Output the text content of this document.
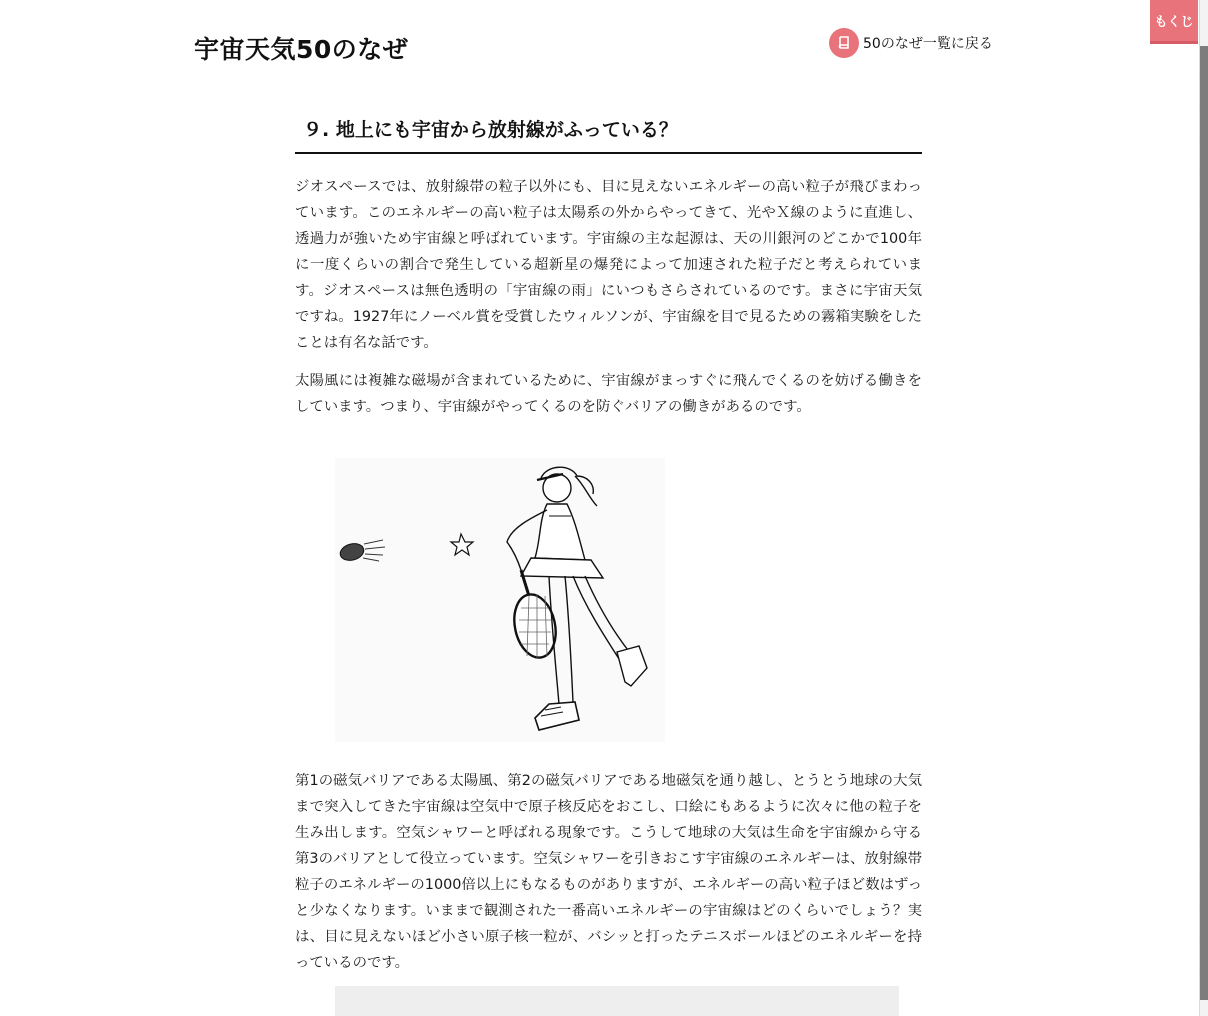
宇宙天気50のなぜ	50のなぜ一覧に戻る
もくじ
９. 地上にも宇宙から放射線がふっている？

ジオスペースでは、放射線帯の粒子以外にも、目に見えないエネルギーの高い粒子が飛びまわっています。このエネルギーの高い粒子は太陽系の外からやってきて、光やＸ線のように直進し、透過力が強いため宇宙線と呼ばれています。宇宙線の主な起源は、天の川銀河のどこかで100年に一度くらいの割合で発生している超新星の爆発によって加速された粒子だと考えられています。ジオスペースは無色透明の「宇宙線の雨」にいつもさらされているのです。まさに宇宙天気ですね。1927年にノーベル賞を受賞したウィルソンが、宇宙線を目で見るための霧箱実験をしたことは有名な話です。

太陽風には複雑な磁場が含まれているために、宇宙線がまっすぐに飛んでくるのを妨げる働きをしています。つまり、宇宙線がやってくるのを防ぐバリアの働きがあるのです。

第1の磁気バリアである太陽風、第2の磁気バリアである地磁気を通り越し、とうとう地球の大気まで突入してきた宇宙線は空気中で原子核反応をおこし、口絵にもあるように次々に他の粒子を生み出します。空気シャワーと呼ばれる現象です。こうして地球の大気は生命を宇宙線から守る第3のバリアとして役立っています。空気シャワーを引きおこす宇宙線のエネルギーは、放射線帯粒子のエネルギーの1000倍以上にもなるものがありますが、エネルギーの高い粒子ほど数はずっと少なくなります。いままで観測された一番高いエネルギーの宇宙線はどのくらいでしょう？実は、目に見えないほど小さい原子核一粒が、バシッと打ったテニスボールほどのエネルギーを持っているのです。
